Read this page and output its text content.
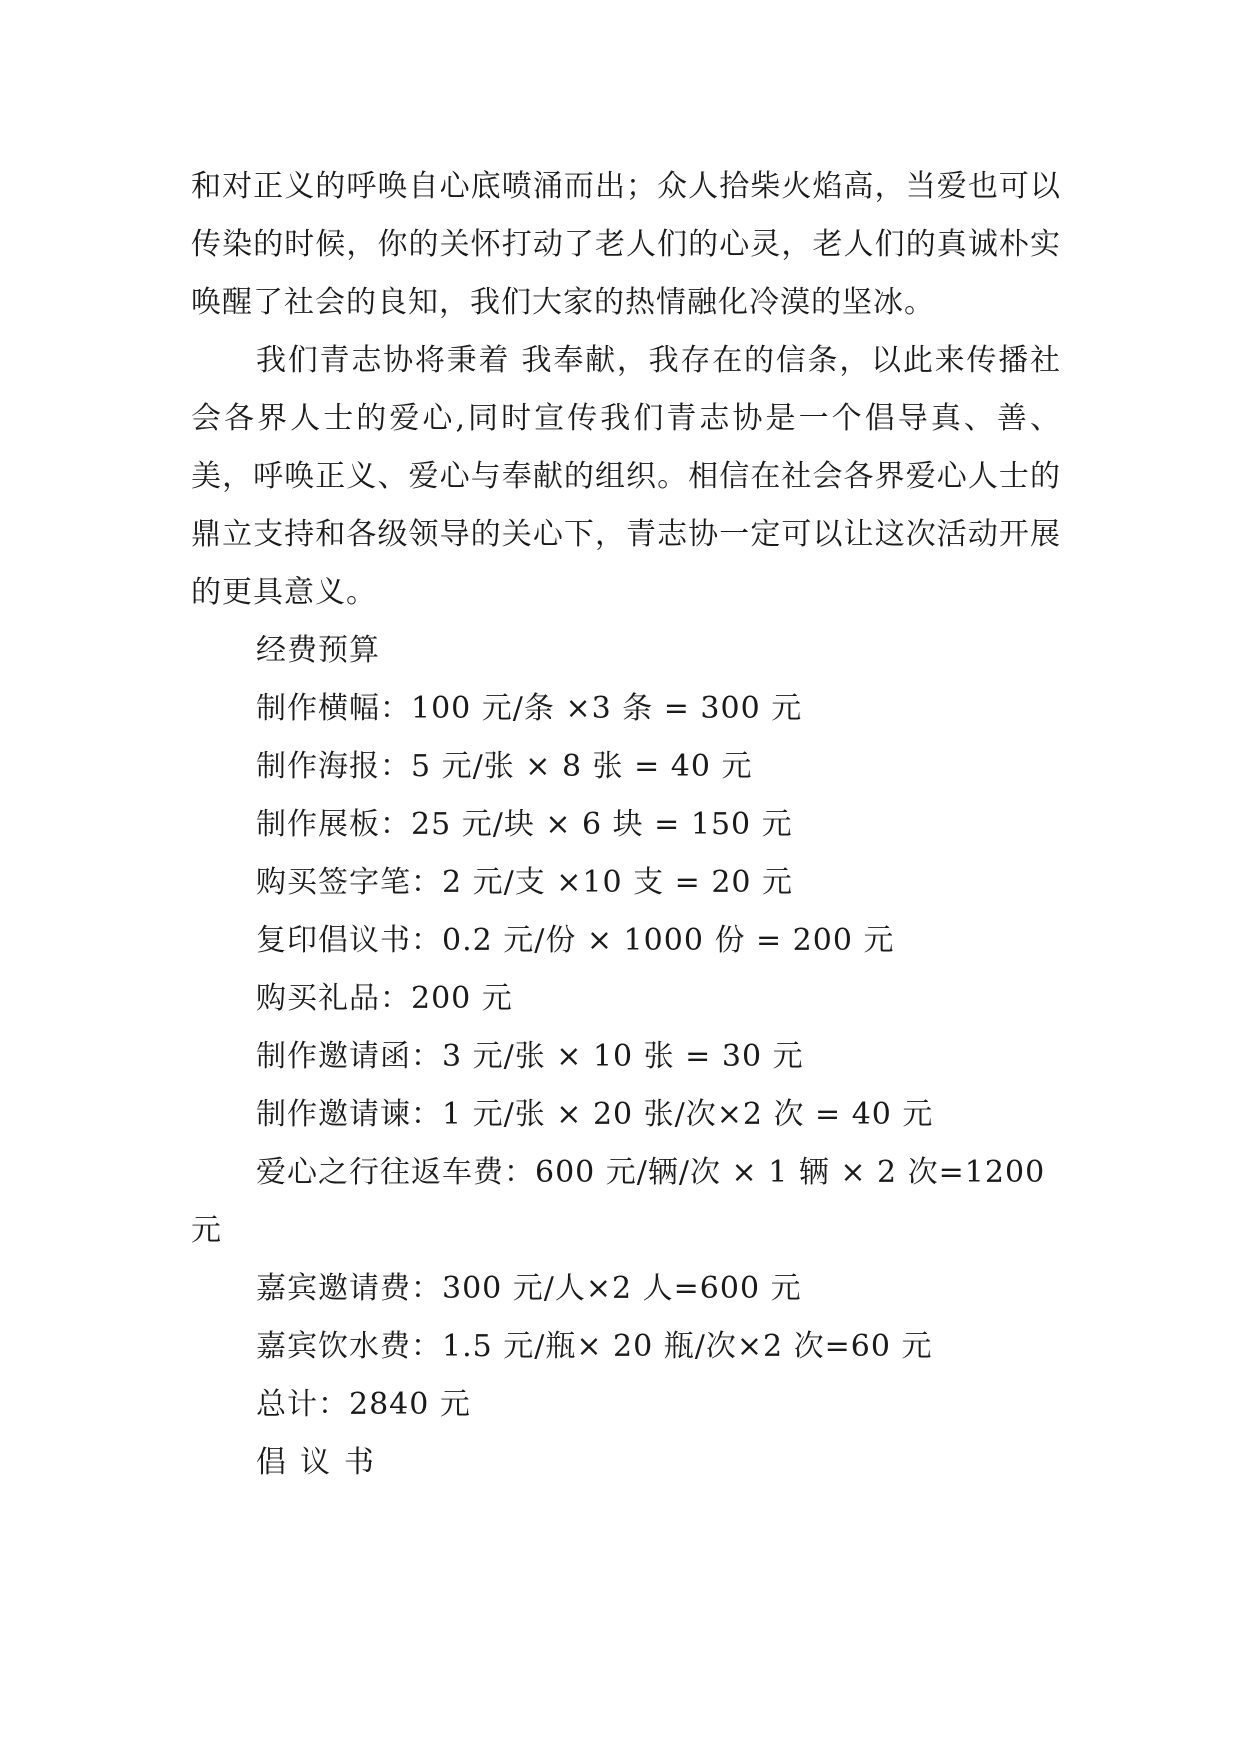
和对正义的呼唤自心底喷涌而出；众人拾柴火焰高，当爱也可以传染的时候，你的关怀打动了老人们的心灵，老人们的真诚朴实唤醒了社会的良知，我们大家的热情融化冷漠的坚冰。

我们青志协将秉着 我奉献，我存在的信条，以此来传播社会各界人士的爱心,同时宣传我们青志协是一个倡导真、善、美，呼唤正义、爱心与奉献的组织。相信在社会各界爱心人士的鼎立支持和各级领导的关心下，青志协一定可以让这次活动开展的更具意义。

经费预算

制作横幅：100 元/条 ×3 条 = 300 元

制作海报：5 元/张 × 8 张 = 40 元

制作展板：25 元/块 × 6 块 = 150 元

购买签字笔：2 元/支 ×10 支 = 20 元

复印倡议书：0.2 元/份 × 1000 份 = 200 元

购买礼品：200 元

制作邀请函：3 元/张 × 10 张 = 30 元

制作邀请谏：1 元/张 × 20 张/次×2 次 = 40 元

爱心之行往返车费：600 元/辆/次 × 1 辆 × 2 次=1200 元

嘉宾邀请费：300 元/人×2 人=600 元

嘉宾饮水费：1.5 元/瓶× 20 瓶/次×2 次=60 元

总计：2840 元

倡议书
